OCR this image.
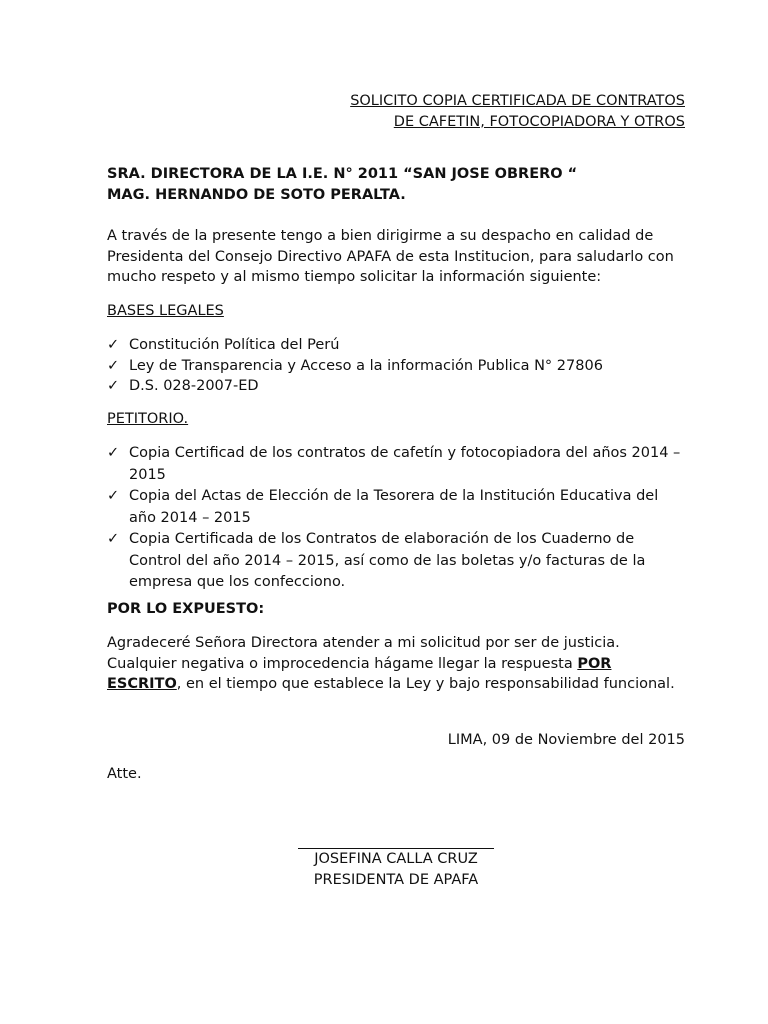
SOLICITO COPIA CERTIFICADA DE CONTRATOS
DE CAFETIN, FOTOCOPIADORA Y OTROS
SRA. DIRECTORA DE LA I.E. N° 2011 “SAN JOSE OBRERO “
MAG. HERNANDO DE SOTO PERALTA.

A través de la presente tengo a bien dirigirme a su despacho en calidad de Presidenta del Consejo Directivo APAFA de esta Institucion, para saludarlo con mucho respeto y al mismo tiempo solicitar la información siguiente:

BASES LEGALES
✓ Constitución Política del Perú
✓ Ley de Transparencia y Acceso a la información Publica N° 27806
✓ D.S. 028-2007-ED
PETITORIO.
✓ Copia Certificad de los contratos de cafetín y fotocopiadora del años 2014 – 2015
✓ Copia del Actas de Elección de la Tesorera de la Institución Educativa del año 2014 – 2015
✓ Copia Certificada de los Contratos de elaboración de los Cuaderno de Control del año 2014 – 2015, así como de las boletas y/o facturas de la empresa que los confecciono.
POR LO EXPUESTO:

Agradeceré Señora Directora atender a mi solicitud por ser de justicia. Cualquier negativa o improcedencia hágame llegar la respuesta POR ESCRITO, en el tiempo que establece la Ley y bajo responsabilidad funcional.

LIMA, 09 de Noviembre del 2015
Atte.
JOSEFINA CALLA CRUZ
PRESIDENTA DE APAFA
